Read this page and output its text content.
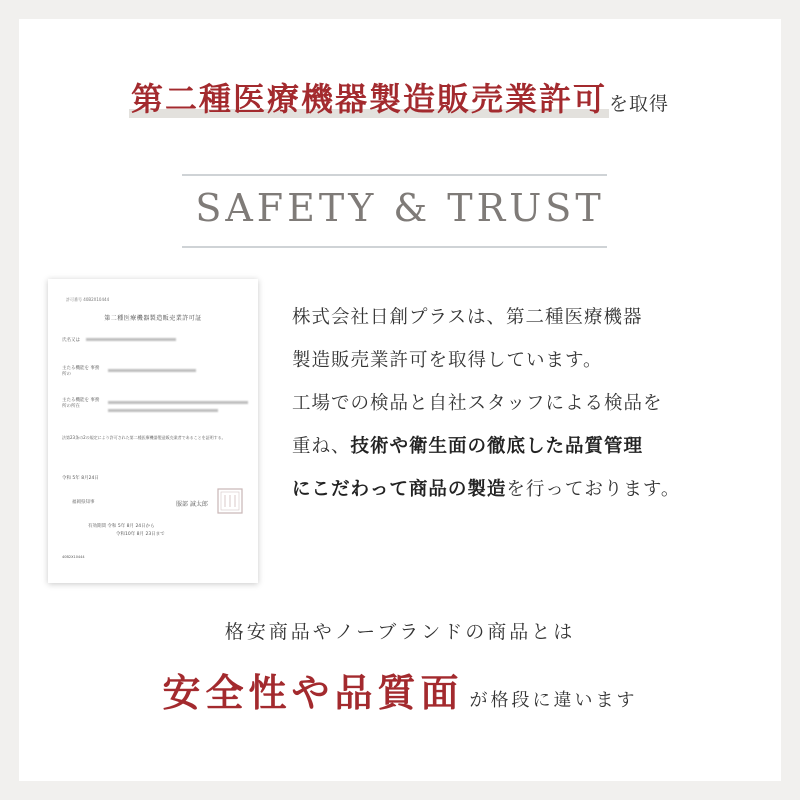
第二種医療機器製造販売業許可 を取得
SAFETY & TRUST
許可番号 40B2X10444
第二種医療機器製造販売業許可証
氏名又は
主たる機能を 事務所の
主たる機能を 事務所の所在
法第23条の2の規定により許可された第二種医療機器製造販売業者であることを証明する。
令和 5年 8月24日
福岡県知事	服部 誠太郎
有効期間 令和 5年 8月 24日から
令和10年 8月 23日まで
40B2X10444
株式会社日創プラスは、第二種医療機器
製造販売業許可を取得しています。
工場での検品と自社スタッフによる検品を
重ね、技術や衛生面の徹底した品質管理
にこだわって商品の製造を行っております。
格安商品やノーブランドの商品とは
安全性や品質面 が格段に違います
